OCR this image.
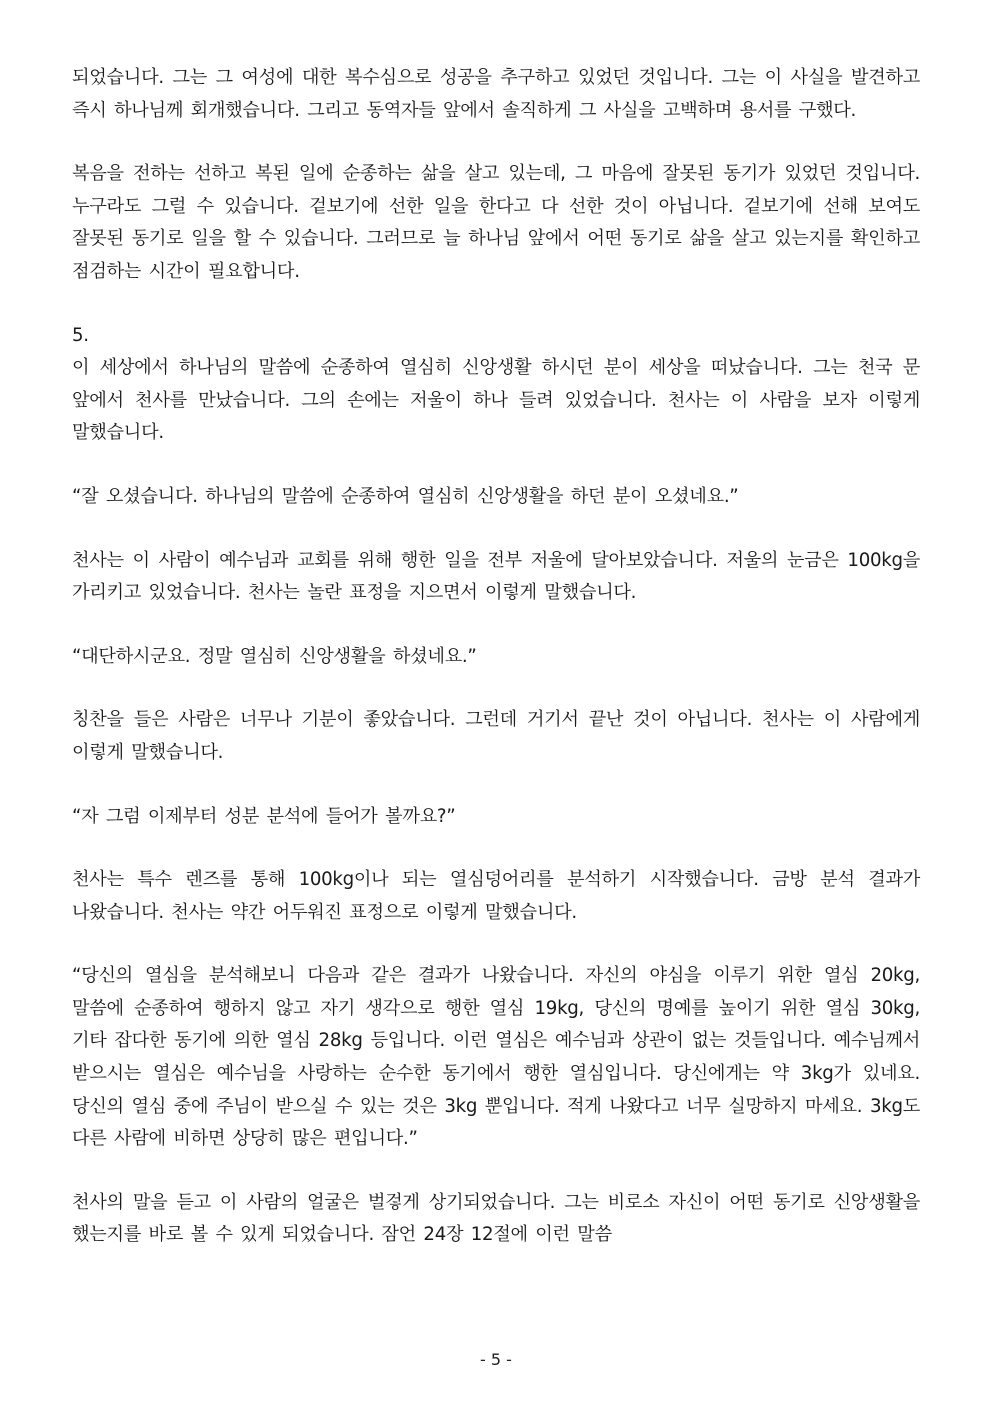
되었습니다. 그는 그 여성에 대한 복수심으로 성공을 추구하고 있었던 것입니다. 그는 이 사실을 발견하고 즉시 하나님께 회개했습니다. 그리고 동역자들 앞에서 솔직하게 그 사실을 고백하며 용서를 구했다.

복음을 전하는 선하고 복된 일에 순종하는 삶을 살고 있는데, 그 마음에 잘못된 동기가 있었던 것입니다. 누구라도 그럴 수 있습니다. 겉보기에 선한 일을 한다고 다 선한 것이 아닙니다. 겉보기에 선해 보여도 잘못된 동기로 일을 할 수 있습니다. 그러므로 늘 하나님 앞에서 어떤 동기로 삶을 살고 있는지를 확인하고 점검하는 시간이 필요합니다.

5.

이 세상에서 하나님의 말씀에 순종하여 열심히 신앙생활 하시던 분이 세상을 떠났습니다. 그는 천국 문 앞에서 천사를 만났습니다. 그의 손에는 저울이 하나 들려 있었습니다. 천사는 이 사람을 보자 이렇게 말했습니다.

“잘 오셨습니다. 하나님의 말씀에 순종하여 열심히 신앙생활을 하던 분이 오셨네요.”

천사는 이 사람이 예수님과 교회를 위해 행한 일을 전부 저울에 달아보았습니다. 저울의 눈금은 100kg을 가리키고 있었습니다. 천사는 놀란 표정을 지으면서 이렇게 말했습니다.

“대단하시군요. 정말 열심히 신앙생활을 하셨네요.”

칭찬을 들은 사람은 너무나 기분이 좋았습니다. 그런데 거기서 끝난 것이 아닙니다. 천사는 이 사람에게 이렇게 말했습니다.

“자 그럼 이제부터 성분 분석에 들어가 볼까요?”

천사는 특수 렌즈를 통해 100kg이나 되는 열심덩어리를 분석하기 시작했습니다. 금방 분석 결과가 나왔습니다. 천사는 약간 어두워진 표정으로 이렇게 말했습니다.

“당신의 열심을 분석해보니 다음과 같은 결과가 나왔습니다. 자신의 야심을 이루기 위한 열심 20kg, 말씀에 순종하여 행하지 않고 자기 생각으로 행한 열심 19kg, 당신의 명예를 높이기 위한 열심 30kg, 기타 잡다한 동기에 의한 열심 28kg 등입니다. 이런 열심은 예수님과 상관이 없는 것들입니다. 예수님께서 받으시는 열심은 예수님을 사랑하는 순수한 동기에서 행한 열심입니다. 당신에게는 약 3kg가 있네요. 당신의 열심 중에 주님이 받으실 수 있는 것은 3kg 뿐입니다. 적게 나왔다고 너무 실망하지 마세요. 3kg도 다른 사람에 비하면 상당히 많은 편입니다.”

천사의 말을 듣고 이 사람의 얼굴은 벌겋게 상기되었습니다. 그는 비로소 자신이 어떤 동기로 신앙생활을 했는지를 바로 볼 수 있게 되었습니다. 잠언 24장 12절에 이런 말씀

- 5 -
